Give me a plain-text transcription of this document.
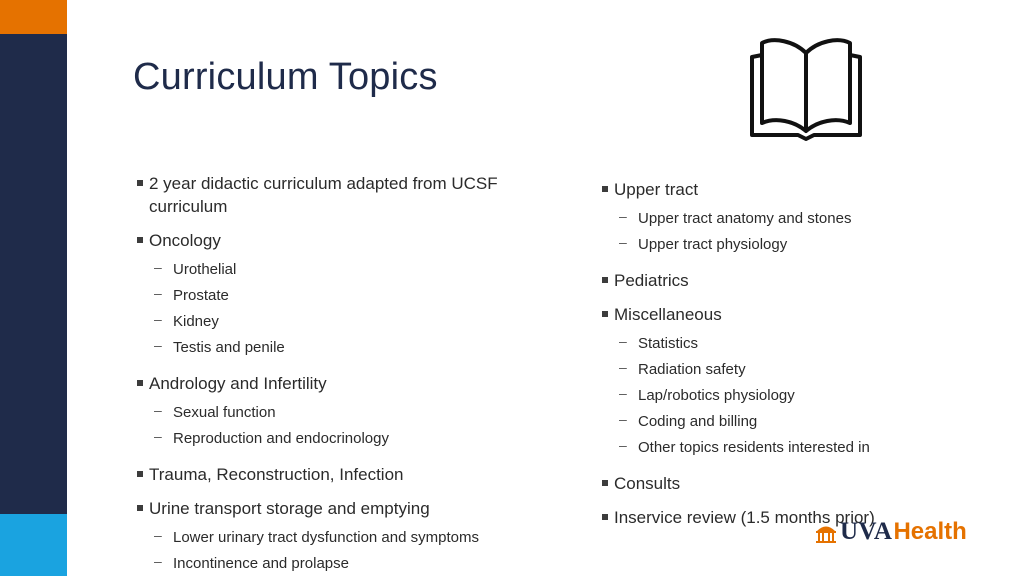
Curriculum Topics
2 year didactic curriculum adapted from UCSF curriculum
Oncology
– Urothelial
– Prostate
– Kidney
– Testis and penile
Andrology and Infertility
– Sexual function
– Reproduction and endocrinology
Trauma, Reconstruction, Infection
Urine transport storage and emptying
– Lower urinary tract dysfunction and symptoms
– Incontinence and prolapse
Upper tract
– Upper tract anatomy and stones
– Upper tract physiology
Pediatrics
Miscellaneous
– Statistics
– Radiation safety
– Lap/robotics physiology
– Coding and billing
– Other topics residents interested in
Consults
Inservice review (1.5 months prior)
UVA Health
